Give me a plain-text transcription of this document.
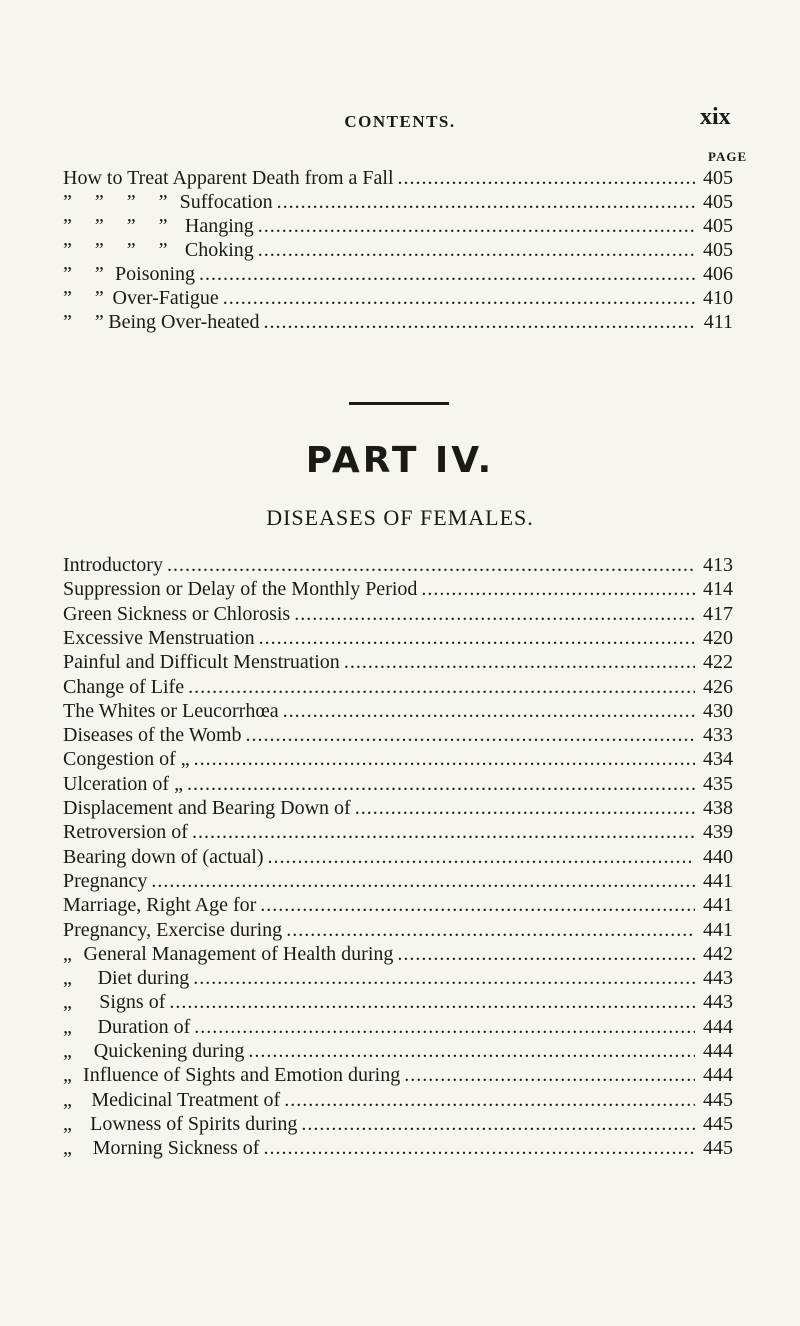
CONTENTS.	xix
PAGE
How to Treat Apparent Death from a Fall .....	405
” ” ” ” Suffocation .....	405
” ” ” ” Hanging .....	405
” ” ” ” Choking .....	405
” ” Poisoning .....	406
” ” Over-Fatigue .....	410
” ” Being Over-heated .....	411
PART IV.
DISEASES OF FEMALES.
Introductory .....	413
Suppression or Delay of the Monthly Period .....	414
Green Sickness or Chlorosis .....	417
Excessive Menstruation .....	420
Painful and Difficult Menstruation .....	422
Change of Life .....	426
The Whites or Leucorrhœa .....	430
Diseases of the Womb .....	433
Congestion of „ .....	434
Ulceration of „ .....	435
Displacement and Bearing Down of .....	438
Retroversion of .....	439
Bearing down of (actual) .....	440
Pregnancy .....	441
Marriage, Right Age for .....	441
Pregnancy, Exercise during .....	441
„ General Management of Health during .....	442
„	Diet during .....	443
„	Signs of .....	443
„	Duration of .....	444
„	Quickening during .....	444
„ Influence of Sights and Emotion during .....	444
„ Medicinal Treatment of .....	445
„ Lowness of Spirits during .....	445
„	Morning Sickness of .....	445
